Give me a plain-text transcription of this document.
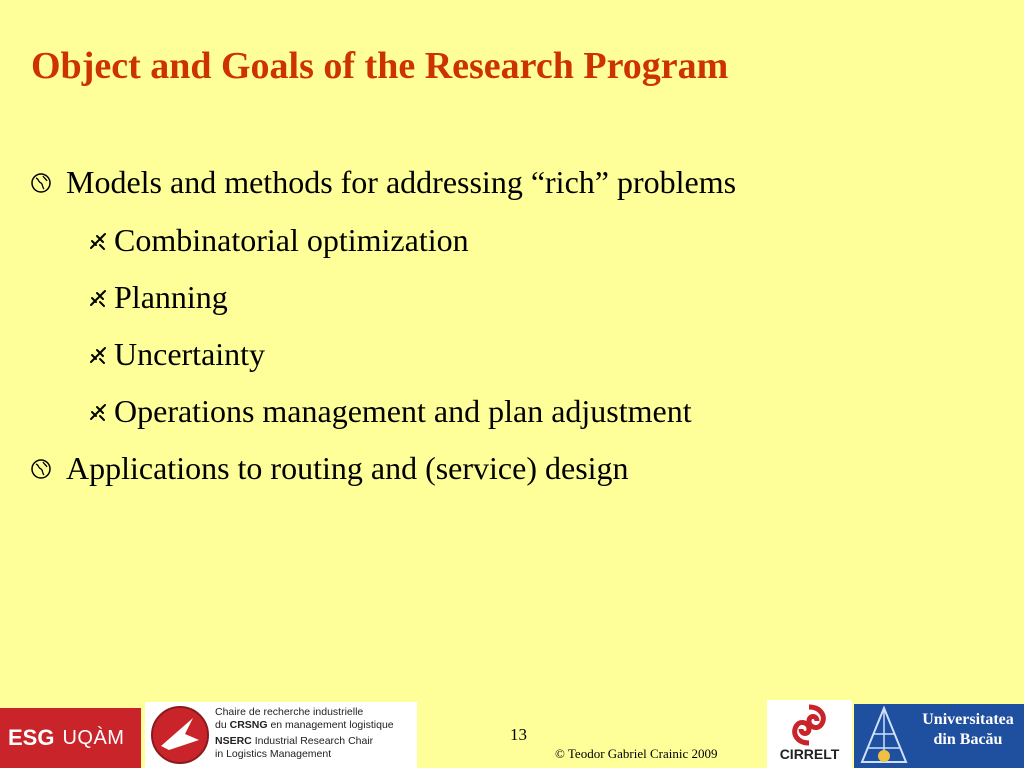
Object and Goals of the Research Program
Models and methods for addressing “rich” problems
Combinatorial optimization
Planning
Uncertainty
Operations management and plan adjustment
Applications to routing and (service) design
ESG UQÀM
Chaire de recherche industrielle
du CRSNG en management logistique
NSERC Industrial Research Chair
in Logistics Management
13
© Teodor Gabriel Crainic 2009	CIRRELT
Universitatea
din Bacău
